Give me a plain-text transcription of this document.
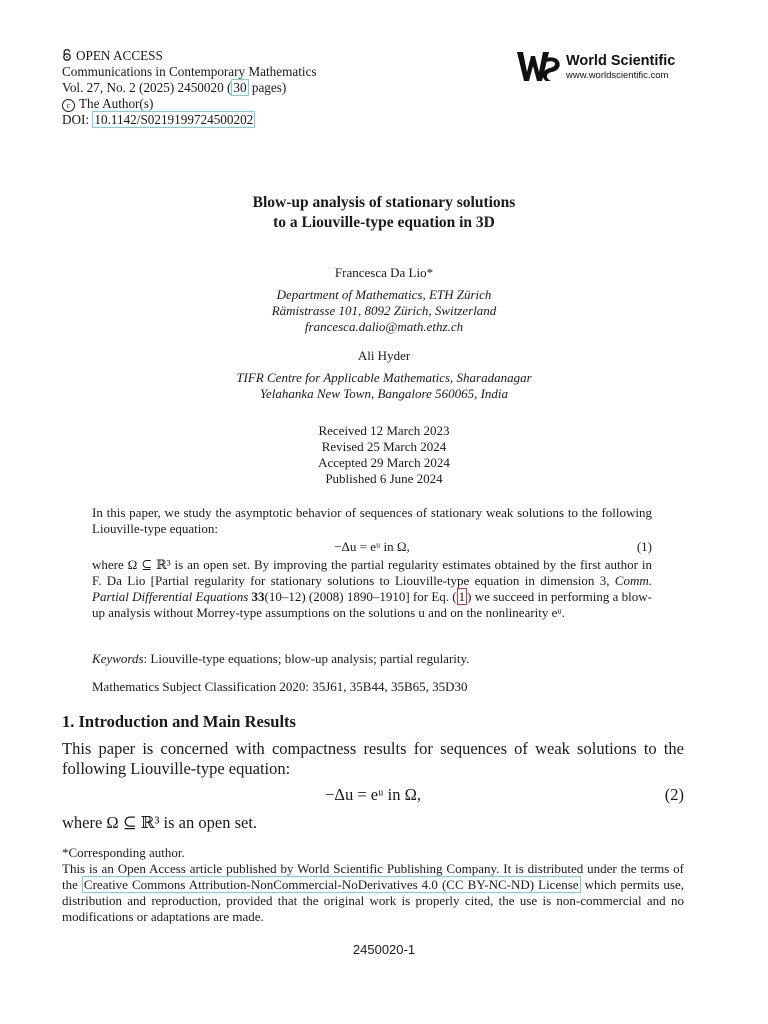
OPEN ACCESS
Communications in Contemporary Mathematics
Vol. 27, No. 2 (2025) 2450020 ( 30 pages)
c The Author(s)
DOI: 10.1142/S0219199724500202
World Scientific
www.worldscientific.com
Blow-up analysis of stationary solutions
to a Liouville-type equation in 3D
Francesca Da Lio*
Department of Mathematics, ETH Zürich
Rämistrasse 101, 8092 Zürich, Switzerland
francesca.dalio@math.ethz.ch
Ali Hyder
TIFR Centre for Applicable Mathematics, Sharadanagar
Yelahanka New Town, Bangalore 560065, India
Received 12 March 2023
Revised 25 March 2024
Accepted 29 March 2024
Published 6 June 2024

In this paper, we study the asymptotic behavior of sequences of stationary weak solutions to the following Liouville-type equation:

−Δu = eᵘ in Ω,	(1)

where Ω ⊆ ℝ³ is an open set. By improving the partial regularity estimates obtained by the first author in F. Da Lio [Partial regularity for stationary solutions to Liouville-type equation in dimension 3, Comm. Partial Differential Equations 33(10–12) (2008) 1890–1910] for Eq. ( 1 ) we succeed in performing a blow-up analysis without Morrey-type assumptions on the solutions u and on the nonlinearity eᵘ.

Keywords: Liouville-type equations; blow-up analysis; partial regularity.
Mathematics Subject Classification 2020: 35J61, 35B44, 35B65, 35D30
1. Introduction and Main Results

This paper is concerned with compactness results for sequences of weak solutions to the following Liouville-type equation:

−Δu = eᵘ in Ω,	(2)

where Ω ⊆ ℝ³ is an open set.

*Corresponding author.

This is an Open Access article published by World Scientific Publishing Company. It is distributed under the terms of the Creative Commons Attribution-NonCommercial-NoDerivatives 4.0 (CC BY-NC-ND) License which permits use, distribution and reproduction, provided that the original work is properly cited, the use is non-commercial and no modifications or adaptations are made.

2450020-1
